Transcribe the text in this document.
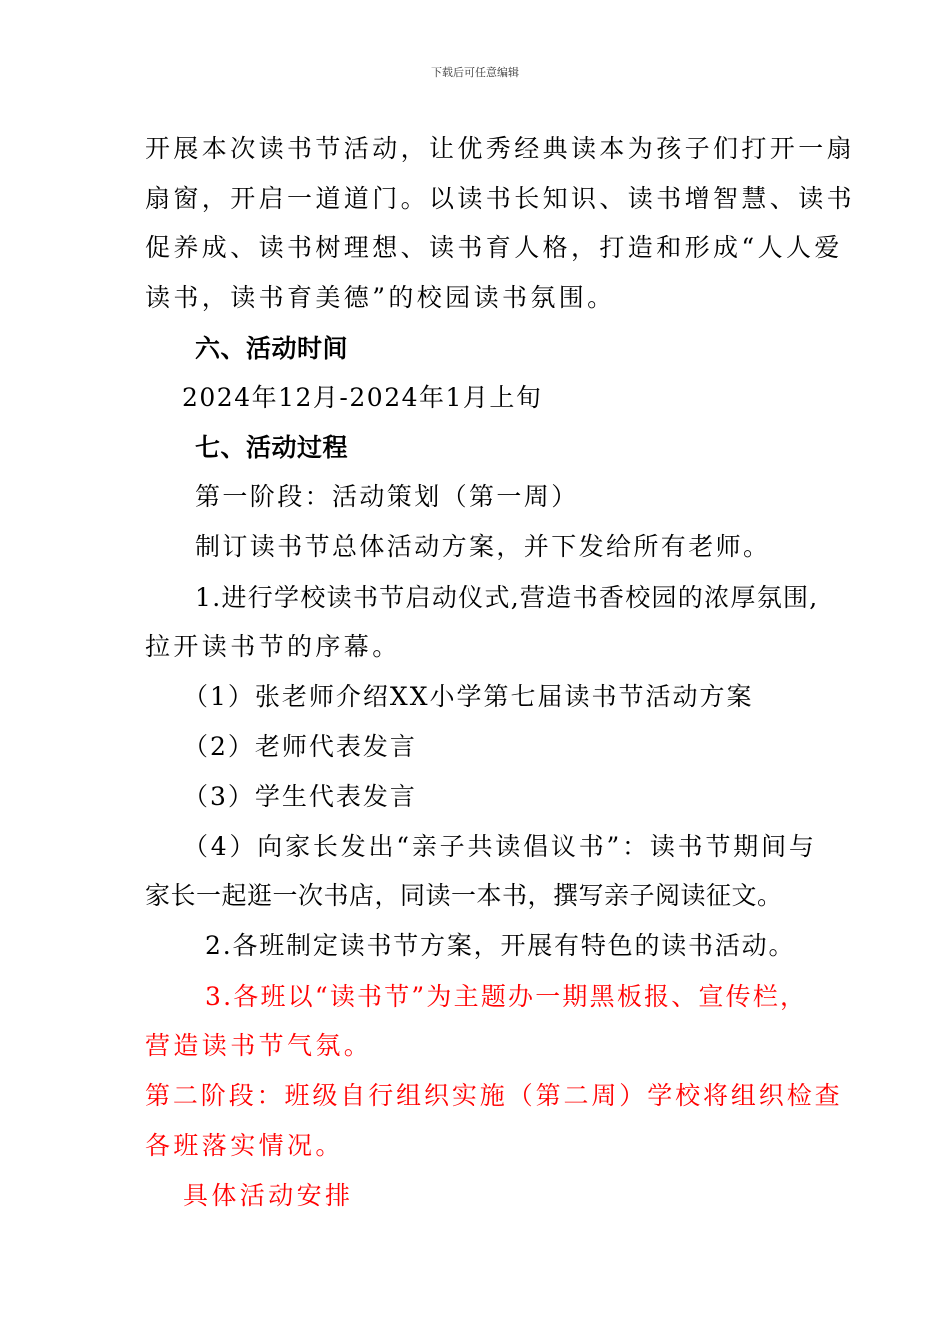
下载后可任意编辑
开展本次读书节活动，让优秀经典读本为孩子们打开一扇
扇窗，开启一道道门。以读书长知识、读书增智慧、读书
促养成、读书树理想、读书育人格，打造和形成“人人爱
读书，读书育美德”的校园读书氛围。
六、活动时间
2024年12月-2024年1月上旬
七、活动过程
第一阶段：活动策划（第一周）
制订读书节总体活动方案，并下发给所有老师。
1.进行学校读书节启动仪式,营造书香校园的浓厚氛围,
拉开读书节的序幕。
（1）张老师介绍XX小学第七届读书节活动方案
（2）老师代表发言
（3）学生代表发言
（4）向家长发出“亲子共读倡议书”：读书节期间与
家长一起逛一次书店，同读一本书，撰写亲子阅读征文。
2.各班制定读书节方案，开展有特色的读书活动。
3.各班以“读书节”为主题办一期黑板报、宣传栏，
营造读书节气氛。
第二阶段：班级自行组织实施（第二周）学校将组织检查
各班落实情况。
具体活动安排
